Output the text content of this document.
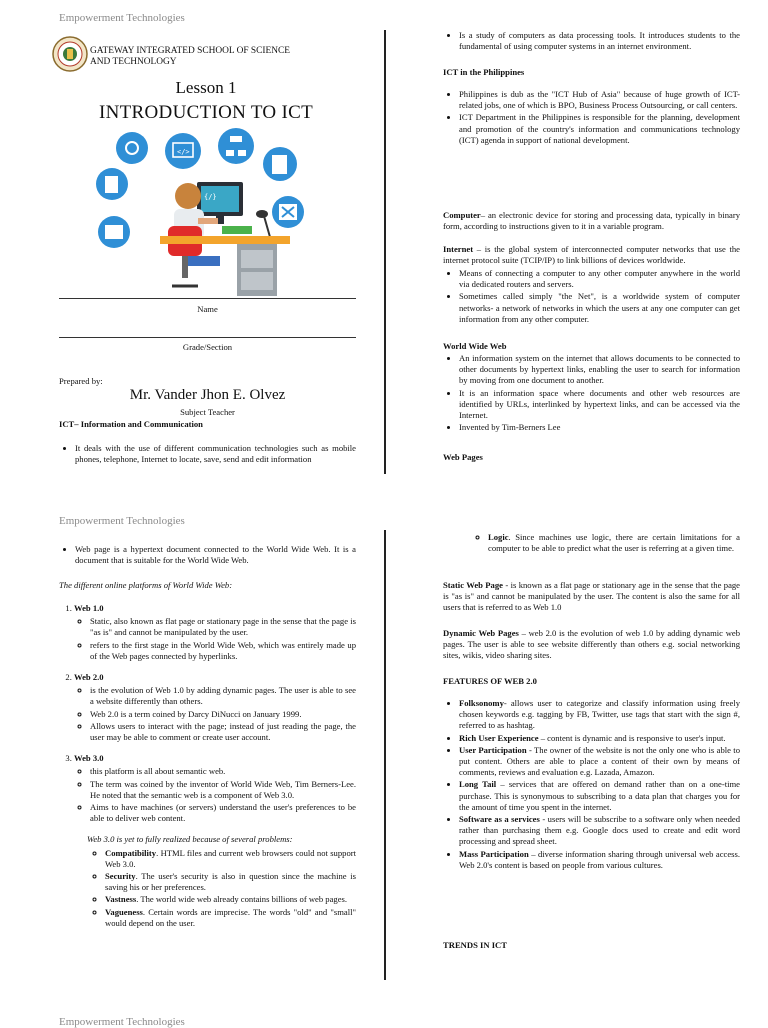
Empowerment Technologies
GATEWAY INTEGRATED SCHOOL OF SCIENCE
AND TECHNOLOGY
Lesson 1
INTRODUCTION TO ICT
</>
{/}
Name
Grade/Section
Prepared by:
Mr. Vander Jhon E. Olvez
Subject Teacher
ICT– Information and Communication
• It deals with the use of different communication technologies such as mobile phones, telephone, Internet to locate, save, send and edit information
• Is a study of computers as data processing tools. It introduces students to the fundamental of using computer systems in an internet environment.
ICT in the Philippines
• Philippines is dub as the "ICT Hub of Asia" because of huge growth of ICT-related jobs, one of which is BPO, Business Process Outsourcing, or call centers.
• ICT Department in the Philippines is responsible for the planning, development and promotion of the country's information and communications technology (ICT) agenda in support of national development.
Computer– an electronic device for storing and processing data, typically in binary form, according to instructions given to it in a variable program.
Internet – is the global system of interconnected computer networks that use the internet protocol suite (TCIP/IP) to link billions of devices worldwide.
• Means of connecting a computer to any other computer anywhere in the world via dedicated routers and servers.
• Sometimes called simply "the Net", is a worldwide system of computer networks- a network of networks in which the users at any one computer can get information from any other computer.
World Wide Web
• An information system on the internet that allows documents to be connected to other documents by hypertext links, enabling the user to search for information by moving from one document to another.
• It is an information space where documents and other web resources are identified by URLs, interlinked by hypertext links, and can be accessed via the Internet.
• Invented by Tim-Berners Lee
Web Pages
Empowerment Technologies
• Web page is a hypertext document connected to the World Wide Web. It is a document that is suitable for the World Wide Web.
The different online platforms of World Wide Web:
1. Web 1.0
◦ Static, also known as flat page or stationary page in the sense that the page is "as is" and cannot be manipulated by the user.
◦ refers to the first stage in the World Wide Web, which was entirely made up of the Web pages connected by hyperlinks.
2. Web 2.0
◦ is the evolution of Web 1.0 by adding dynamic pages. The user is able to see a website differently than others.
◦ Web 2.0 is a term coined by Darcy DiNucci on January 1999.
◦ Allows users to interact with the page; instead of just reading the page, the user may be able to comment or create user account.
3. Web 3.0
◦ this platform is all about semantic web.
◦ The term was coined by the inventor of World Wide Web, Tim Berners-Lee. He noted that the semantic web is a component of Web 3.0.
◦ Aims to have machines (or servers) understand the user's preferences to be able to deliver web content.
Web 3.0 is yet to fully realized because of several problems:
◦ Compatibility. HTML files and current web browsers could not support Web 3.0.
◦ Security. The user's security is also in question since the machine is saving his or her preferences.
◦ Vastness. The world wide web already contains billions of web pages.
◦ Vagueness. Certain words are imprecise. The words "old" and "small" would depend on the user.
◦ Logic. Since machines use logic, there are certain limitations for a computer to be able to predict what the user is referring at a given time.
Static Web Page - is known as a flat page or stationary age in the sense that the page is "as is" and cannot be manipulated by the user. The content is also the same for all users that is referred to as Web 1.0
Dynamic Web Pages – web 2.0 is the evolution of web 1.0 by adding dynamic web pages. The user is able to see website differently than others e.g. social networking sites, wikis, video sharing sites.
FEATURES OF WEB 2.0
• Folksonomy- allows user to categorize and classify information using freely chosen keywords e.g. tagging by FB, Twitter, use tags that start with the sign #, referred to as hashtag.
• Rich User Experience – content is dynamic and is responsive to user's input.
• User Participation - The owner of the website is not the only one who is able to put content. Others are able to place a content of their own by means of comments, reviews and evaluation e.g. Lazada, Amazon.
• Long Tail – services that are offered on demand rather than on a one-time purchase. This is synonymous to subscribing to a data plan that charges you for the amount of time you spent in the internet.
• Software as a services - users will be subscribe to a software only when needed rather than purchasing them e.g. Google docs used to create and edit word processing and spread sheet.
• Mass Participation – diverse information sharing through universal web access. Web 2.0's content is based on people from various cultures.
TRENDS IN ICT
Empowerment Technologies
